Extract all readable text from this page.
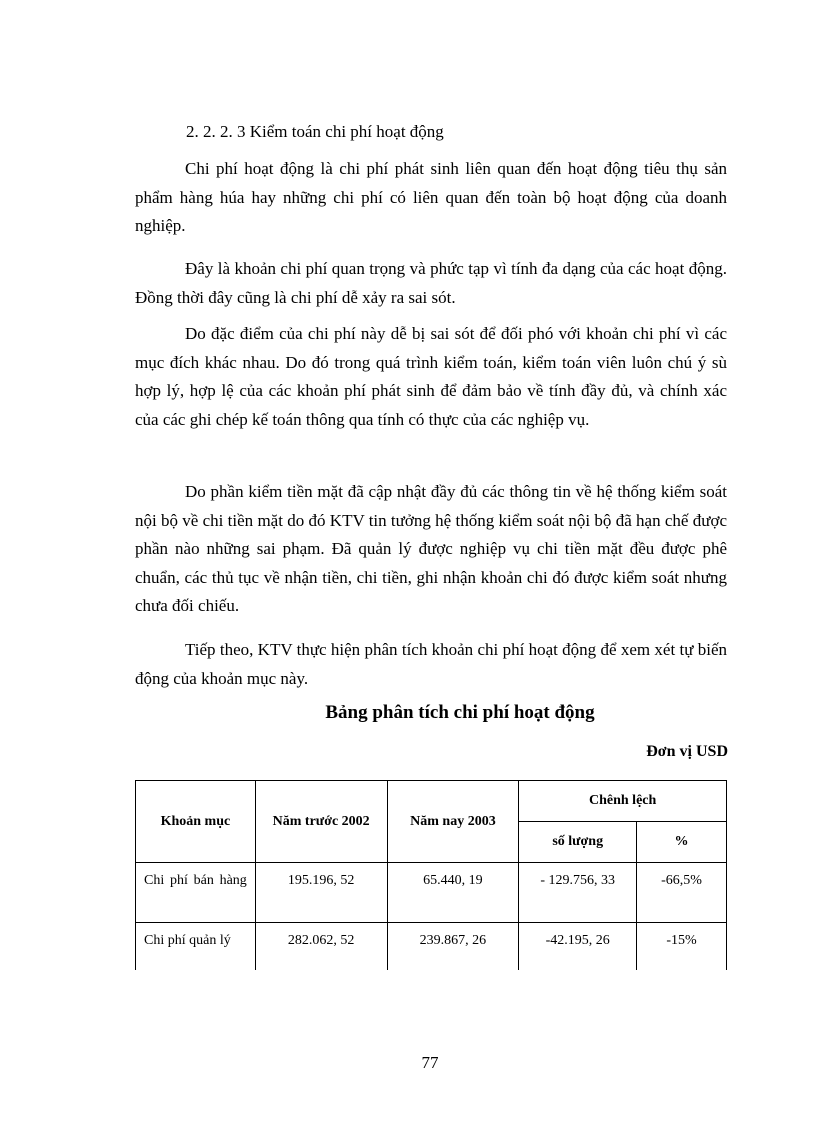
2. 2. 2. 3 Kiểm toán chi phí hoạt động

Chi phí hoạt động là chi phí phát sinh liên quan đến hoạt động tiêu thụ sản phẩm hàng húa hay những chi phí có liên quan đến toàn bộ hoạt động của doanh nghiệp.

Đây là khoản chi phí quan trọng và phức tạp vì tính đa dạng của các hoạt động. Đồng thời đây cũng là chi phí dễ xảy ra sai sót.

Do đặc điểm của chi phí này dễ bị sai sót để đối phó với khoản chi phí vì các mục đích khác nhau. Do đó trong quá trình kiểm toán, kiểm toán viên luôn chú ý sù hợp lý, hợp lệ của các khoản phí phát sinh để đảm bảo về tính đầy đủ, và chính xác của các ghi chép kế toán thông qua tính có thực của các nghiệp vụ.

Do phần kiểm tiền mặt đã cập nhật đầy đủ các thông tin về hệ thống kiểm soát nội bộ về chi tiền mặt do đó KTV tin tưởng hệ thống kiểm soát nội bộ đã hạn chế được phần nào những sai phạm. Đã quản lý được nghiệp vụ chi tiền mặt đều được phê chuẩn, các thủ tục về nhận tiền, chi tiền, ghi nhận khoản chi đó được kiểm soát nhưng chưa đối chiếu.

Tiếp theo, KTV thực hiện phân tích khoản chi phí hoạt động để xem xét tự biến động của khoản mục này.

Bảng phân tích chi phí hoạt động
Đơn vị USD
Khoản mục	Năm trước 2002	Năm nay 2003	Chênh lệch	
			số lượng	%
Chi phí bán hàng	195.196, 52	65.440, 19	- 129.756, 33	-66,5%
Chi phí quản lý	282.062, 52	239.867, 26	-42.195, 26	-15%
77
